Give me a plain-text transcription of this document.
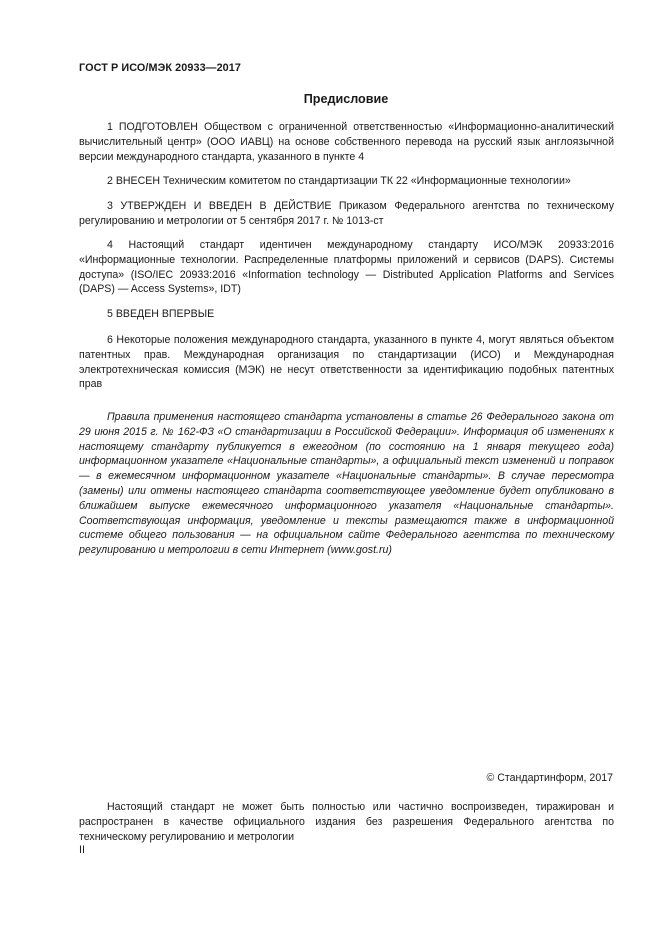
ГОСТ Р ИСО/МЭК 20933—2017
Предисловие

1 ПОДГОТОВЛЕН Обществом с ограниченной ответственностью «Информационно-аналитический вычислительный центр» (ООО ИАВЦ) на основе собственного перевода на русский язык англоязычной версии международного стандарта, указанного в пункте 4

2 ВНЕСЕН Техническим комитетом по стандартизации ТК 22 «Информационные технологии»

3 УТВЕРЖДЕН И ВВЕДЕН В ДЕЙСТВИЕ Приказом Федерального агентства по техническому регулированию и метрологии от 5 сентября 2017 г. № 1013-ст

4 Настоящий стандарт идентичен международному стандарту ИСО/МЭК 20933:2016 «Информационные технологии. Распределенные платформы приложений и сервисов (DAPS). Системы доступа» (ISO/IEC 20933:2016 «Information technology — Distributed Application Platforms and Services (DAPS) — Access Systems», IDT)

5 ВВЕДЕН ВПЕРВЫЕ

6 Некоторые положения международного стандарта, указанного в пункте 4, могут являться объектом патентных прав. Международная организация по стандартизации (ИСО) и Международная электротехническая комиссия (МЭК) не несут ответственности за идентификацию подобных патентных прав

Правила применения настоящего стандарта установлены в статье 26 Федерального закона от 29 июня 2015 г. № 162-ФЗ «О стандартизации в Российской Федерации». Информация об изменениях к настоящему стандарту публикуется в ежегодном (по состоянию на 1 января текущего года) информационном указателе «Национальные стандарты», а официальный текст изменений и поправок — в ежемесячном информационном указателе «Национальные стандарты». В случае пересмотра (замены) или отмены настоящего стандарта соответствующее уведомление будет опубликовано в ближайшем выпуске ежемесячного информационного указателя «Национальные стандарты». Соответствующая информация, уведомление и тексты размещаются также в информационной системе общего пользования — на официальном сайте Федерального агентства по техническому регулированию и метрологии в сети Интернет (www.gost.ru)

© Стандартинформ, 2017

Настоящий стандарт не может быть полностью или частично воспроизведен, тиражирован и распространен в качестве официального издания без разрешения Федерального агентства по техническому регулированию и метрологии

II
